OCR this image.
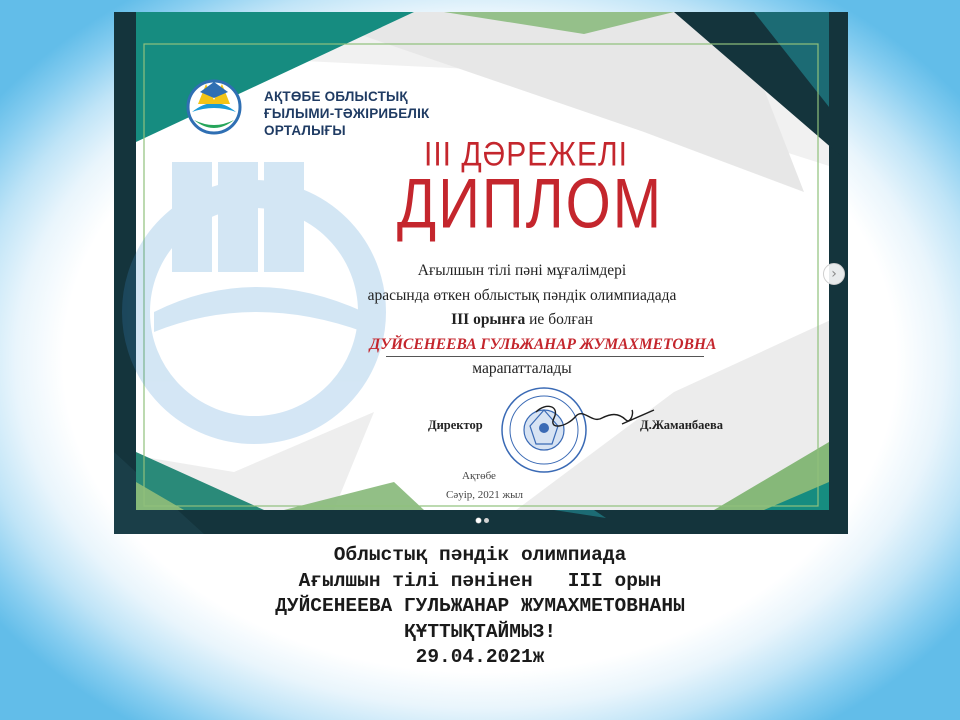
АҚТӨБЕ ОБЛЫСТЫҚ
ҒЫЛЫМИ-ТӘЖІРИБЕЛІК
ОРТАЛЫҒЫ
III ДӘРЕЖЕЛІ
ДИПЛОМ
Ағылшын тілі пәні мұғалімдері
арасында өткен облыстық пәндік олимпиадада
III орынға ие болған
ДУЙСЕНЕЕВА ГУЛЬЖАНАР ЖУМАХМЕТОВНА
марапатталады
Директор	Д.Жаманбаева
Ақтөбе
Сәуір, 2021 жыл
›
Облыстық пәндік олимпиада
Ағылшын тілі пәнінен   III орын
ДУЙСЕНЕЕВА ГУЛЬЖАНАР ЖУМАХМЕТОВНАНЫ
ҚҰТТЫҚТАЙМЫЗ!
29.04.2021ж
